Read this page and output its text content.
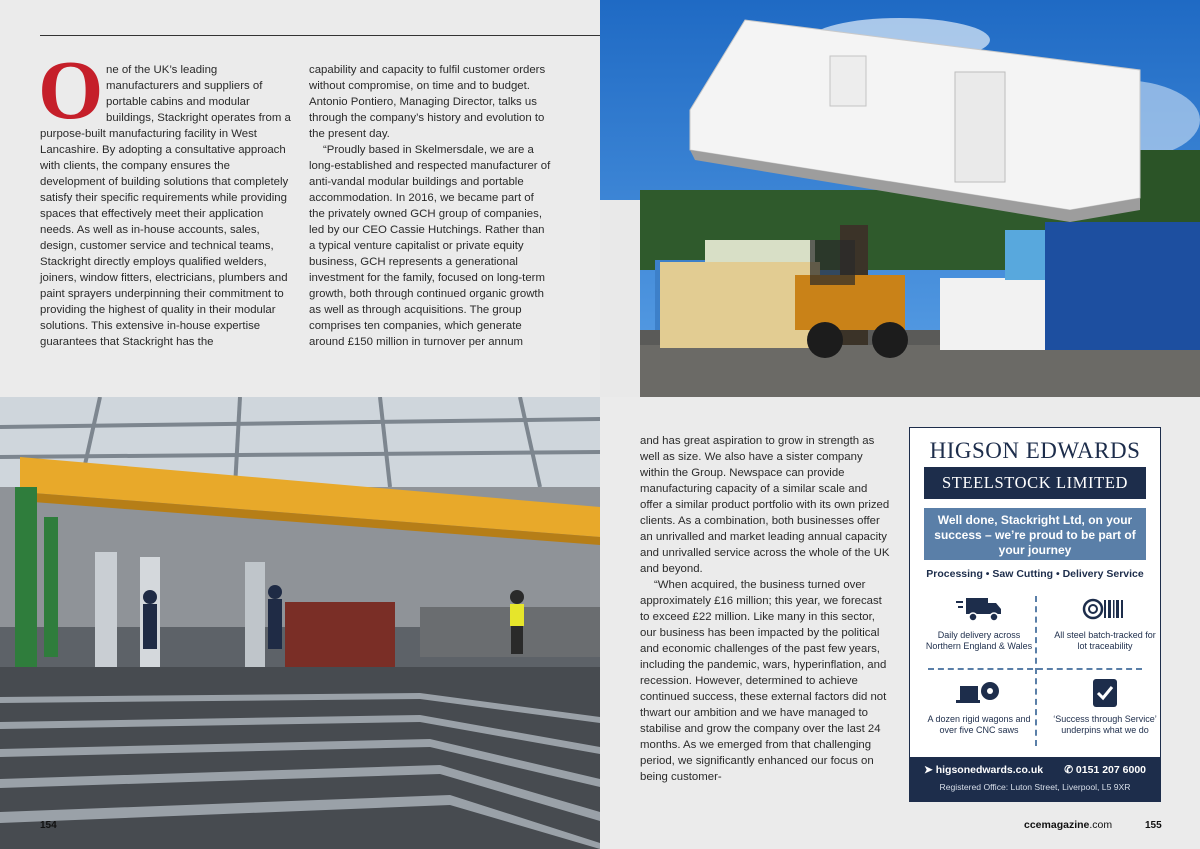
One of the UK’s leading manufacturers and suppliers of portable cabins and modular buildings, Stackright operates from a purpose-built manufacturing facility in West Lancashire. By adopting a consultative approach with clients, the company ensures the development of building solutions that completely satisfy their specific requirements while providing spaces that effectively meet their application needs. As well as in-house accounts, sales, design, customer service and technical teams, Stackright directly employs qualified welders, joiners, window fitters, electricians, plumbers and paint sprayers underpinning their commitment to providing the highest of quality in their modular solutions. This extensive in-house expertise guarantees that Stackright has the

capability and capacity to fulfil customer orders without compromise, on time and to budget. Antonio Pontiero, Managing Director, talks us through the company’s history and evolution to the present day.

“Proudly based in Skelmersdale, we are a long-established and respected manufacturer of anti-vandal modular buildings and portable accommodation. In 2016, we became part of the privately owned GCH group of companies, led by our CEO Cassie Hutchings. Rather than a typical venture capitalist or private equity business, GCH represents a generational investment for the family, focused on long-term growth, both through continued organic growth as well as through acquisitions. The group comprises ten companies, which generate around £150 million in turnover per annum

and has great aspiration to grow in strength as well as size. We also have a sister company within the Group. Newspace can provide manufacturing capacity of a similar scale and offer a similar product portfolio with its own prized clients. As a combination, both businesses offer an unrivalled and market leading annual capacity and unrivalled service across the whole of the UK and beyond.

“When acquired, the business turned over approximately £16 million; this year, we forecast to exceed £22 million. Like many in this sector, our business has been impacted by the political and economic challenges of the past few years, including the pandemic, wars, hyperinflation, and recession. However, determined to achieve continued success, these external factors did not thwart our ambition and we have managed to stabilise and grow the company over the last 24 months. As we emerged from that challenging period, we significantly enhanced our focus on being customer-

HIGSON EDWARDS
STEELSTOCK LIMITED
Well done, Stackright Ltd, on your success – we’re proud to be part of your journey
Processing • Saw Cutting • Delivery Service
Daily delivery across Northern England & Wales
All steel batch-tracked for lot traceability
A dozen rigid wagons and over five CNC saws
‘Success through Service’ underpins what we do
➤ higsonedwards.co.uk ✆ 0151 207 6000
Registered Office: Luton Street, Liverpool, L5 9XR
154	ccemagazine.com	155
